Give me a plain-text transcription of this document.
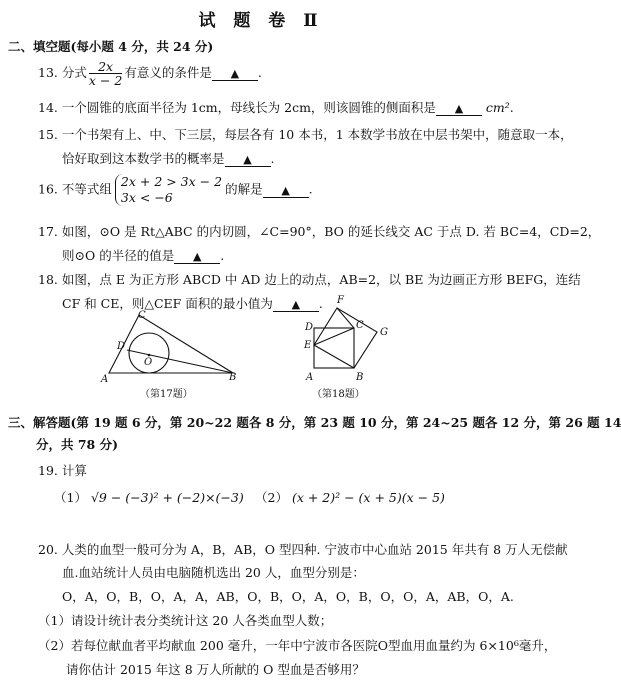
试 题 卷 Ⅱ
二、填空题(每小题 4 分，共 24 分)
13. 分式 $\frac{2x}{x - 2}$ 有意义的条件是 ▲ .
14. 一个圆锥的底面半径为 1cm，母线长为 2cm，则该圆锥的侧面积是 ▲ cm².
15. 一个书架有上、中、下三层，每层各有 10 本书，1 本数学书放在中层书架中，随意取一本，
恰好取到这本数学书的概率是 ▲ .
16. 不等式组 2x + 2 > 3x − 2
3x < −6
的解是 ▲ .
17. 如图，⊙O 是 Rt△ABC 的内切圆，∠C=90°，BO 的延长线交 AC 于点 D. 若 BC=4，CD=2，
则⊙O 的半径的值是 ▲ .
18. 如图，点 E 为正方形 ABCD 中 AD 边上的动点，AB=2，以 BE 为边画正方形 BEFG，连结
CF 和 CE，则△CEF 面积的最小值为 ▲ .
A	B
C
D
O
（第17题）
F
G
D	C
E
A	B
（第18题）
三、解答题(第 19 题 6 分，第 20~22 题各 8 分，第 23 题 10 分，第 24~25 题各 12 分，第 26 题 14
分，共 78 分)
19. 计算
（1） √9 − (−3)² + (−2)×(−3) （2） (x + 2)² − (x + 5)(x − 5)
20. 人类的血型一般可分为 A，B，AB，O 型四种. 宁波市中心血站 2015 年共有 8 万人无偿献
血.血站统计人员由电脑随机选出 20 人，血型分别是：
O，A，O，B，O，A，A，AB，O，B，O，A，O，B，O，O，A，AB，O，A.
（1）请设计统计表分类统计这 20 人各类血型人数；
（2）若每位献血者平均献血 200 毫升，一年中宁波市各医院O型血用血量约为 6×10⁶毫升，
请你估计 2015 年这 8 万人所献的 O 型血是否够用？
